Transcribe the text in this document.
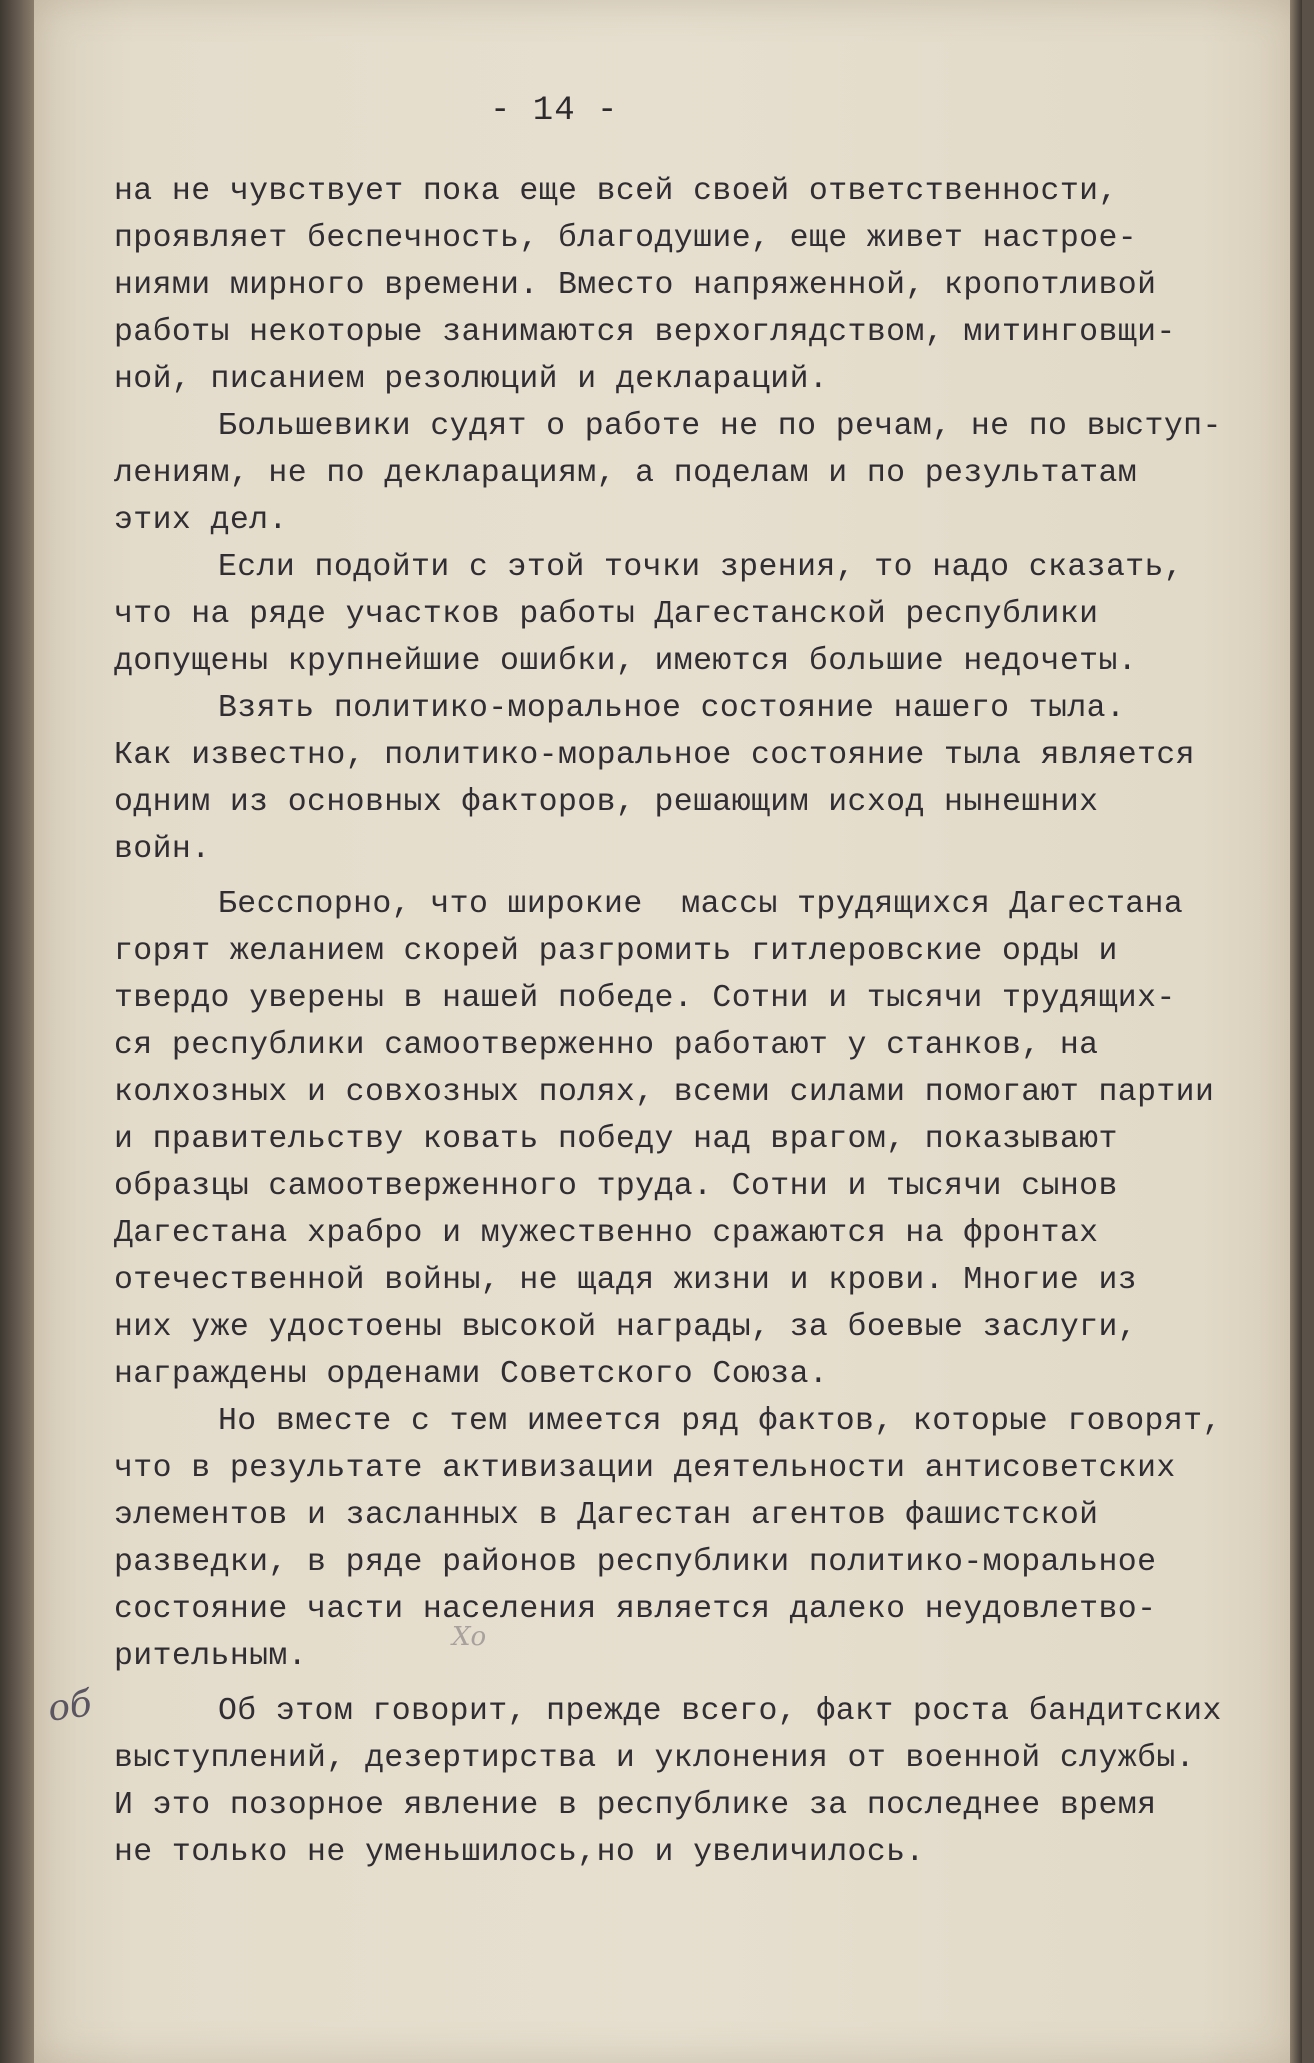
- 14 -
на не чувствует пока еще всей своей ответственности,
проявляет беспечность, благодушие, еще живет настрое-
ниями мирного времени. Вместо напряженной, кропотливой
работы некоторые занимаются верхоглядством, митинговщи-
ной, писанием резолюций и деклараций.
Большевики судят о работе не по речам, не по выступ-
лениям, не по декларациям, а поделам и по результатам
этих дел.
Если подойти с этой точки зрения, то надо сказать,
что на ряде участков работы Дагестанской республики
допущены крупнейшие ошибки, имеются большие недочеты.
Взять политико-моральное состояние нашего тыла.
Как известно, политико-моральное состояние тыла является
одним из основных факторов, решающим исход нынешних
войн.
Бесспорно, что широкие  массы трудящихся Дагестана
горят желанием скорей разгромить гитлеровские орды и
твердо уверены в нашей победе. Сотни и тысячи трудящих-
ся республики самоотверженно работают у станков, на
колхозных и совхозных полях, всеми силами помогают партии
и правительству ковать победу над врагом, показывают
образцы самоотверженного труда. Сотни и тысячи сынов
Дагестана храбро и мужественно сражаются на фронтах
отечественной войны, не щадя жизни и крови. Многие из
них уже удостоены высокой награды, за боевые заслуги,
награждены орденами Советского Союза.
Но вместе с тем имеется ряд фактов, которые говорят,
что в результате активизации деятельности антисоветских
элементов и засланных в Дагестан агентов фашистской
разведки, в ряде районов республики политико-моральное
состояние части населения является далеко неудовлетво-
рительным.
Об этом говорит, прежде всего, факт роста бандитских
выступлений, дезертирства и уклонения от военной службы.
И это позорное явление в республике за последнее время
не только не уменьшилось,но и увеличилось.
Хо
об
